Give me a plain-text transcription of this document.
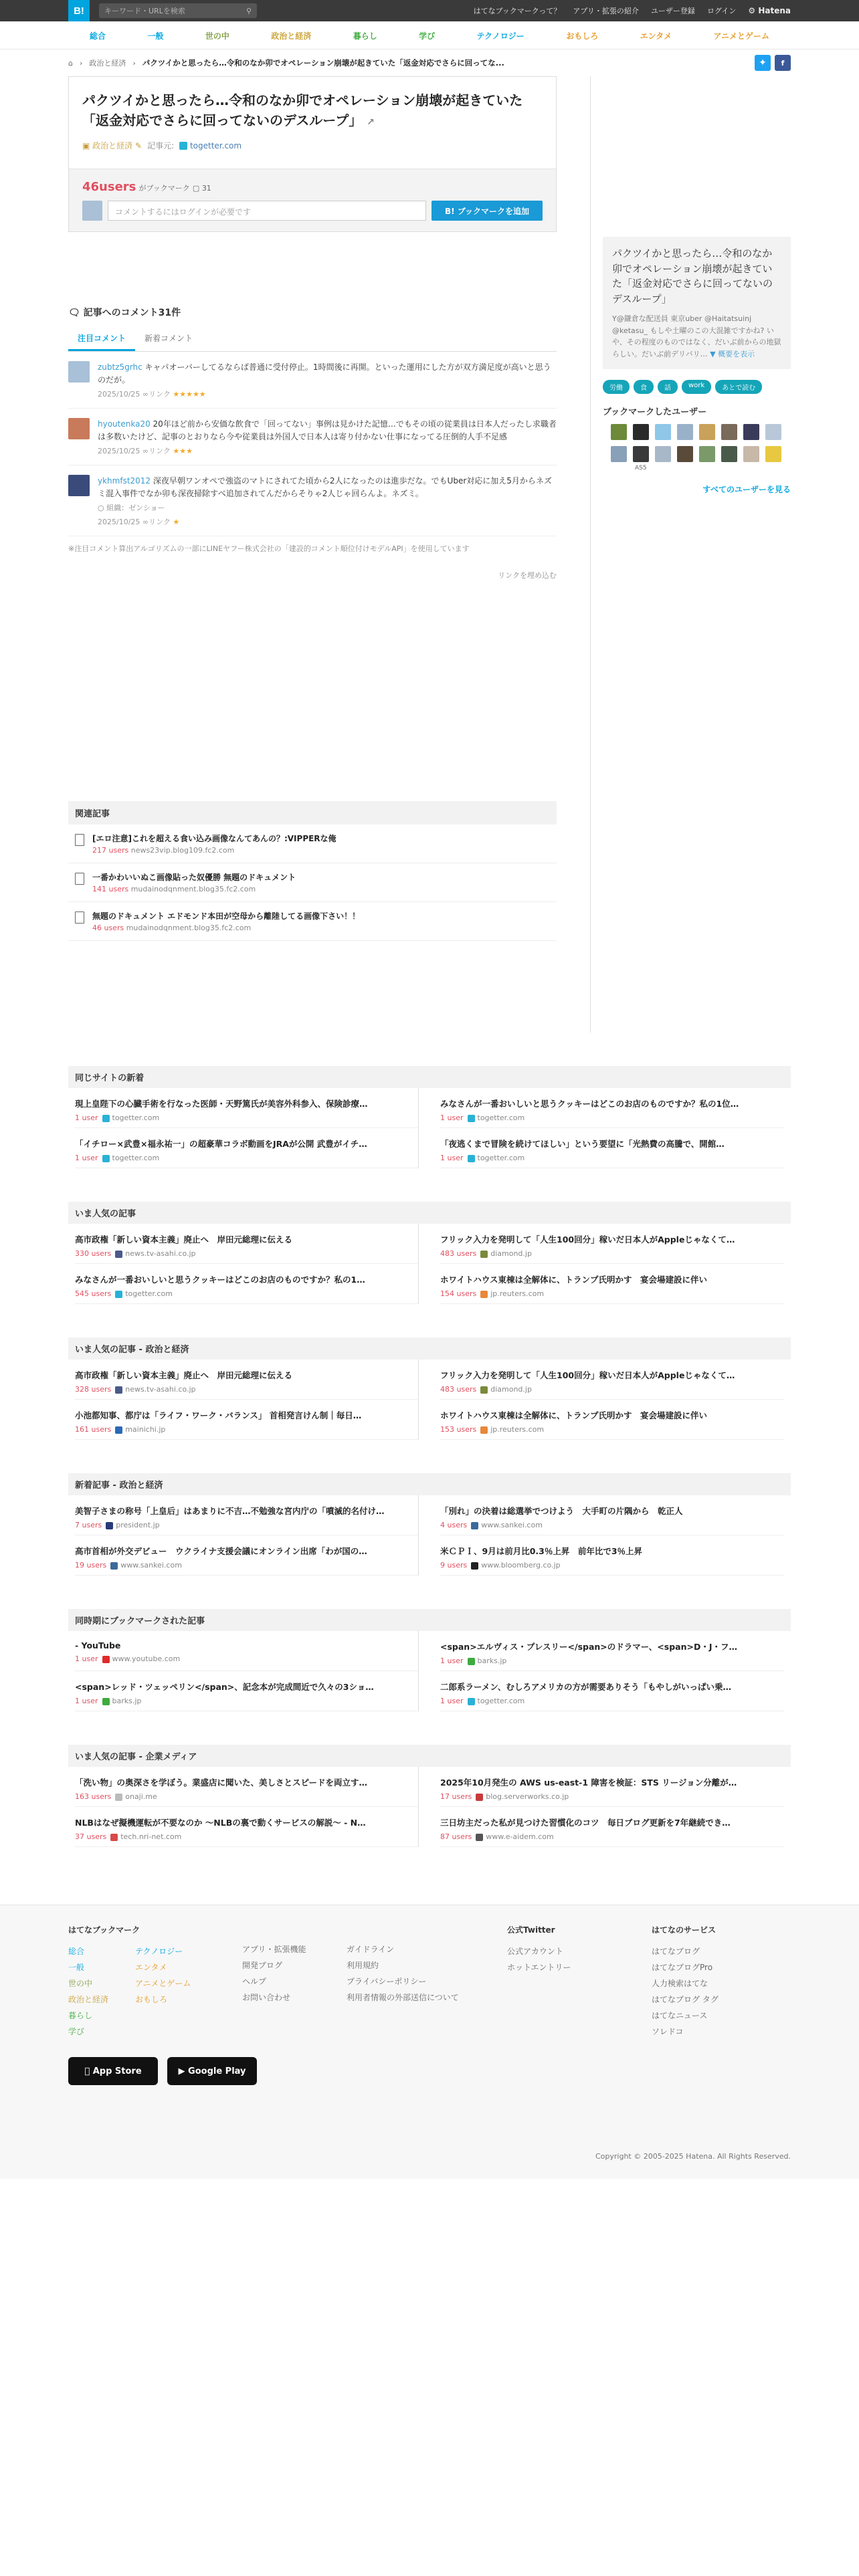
B!	キーワード・URLを検索	⚲	はてなブックマークって？ アプリ・拡張の紹介 ユーザー登録 ログイン ⚙ Hatena
総合	一般	世の中	政治と経済	暮らし	学び	テクノロジー	おもしろ	エンタメ	アニメとゲーム
⌂ › 政治と経済 › パクツイかと思ったら…令和のなか卯でオペレーション崩壊が起きていた「返金対応でさらに回ってな...	✦	f
パクツイかと思ったら…令和のなか卯でオペレーション崩壊が起きていた「返金対応でさらに回ってないのデスループ」 ↗
▣ 政治と経済 ✎ 記事元:	togetter.com
46users がブックマーク ▢ 31
コメントするにはログインが必要です	B! ブックマークを追加
🗨 記事へのコメント31件
注目コメント	新着コメント
zubtz5grhc キャパオーバーしてるならば普通に受付停止。1時間後に再開。といった運用にした方が双方満足度が高いと思うのだが。
2025/10/25 ∞リンク ★★★★★
hyoutenka20 20年ほど前から安価な飲食で「回ってない」事例は見かけた記憶…でもその頃の従業員は日本人だったし求職者は多数いたけど、記事のとおりなら今や従業員は外国人で日本人は寄り付かない仕事になってる圧倒的人手不足感
2025/10/25 ∞リンク ★★★
ykhmfst2012 深夜早朝ワンオペで強盗のマトにされてた頃から2人になったのは進歩だな。でもUber対応に加え5月からネズミ混入事件でなか卯も深夜掃除すべ追加されてんだからそりゃ2人じゃ回らんよ。ネズミ。
○ 組織：ゼンショー
2025/10/25 ∞リンク ★
※注目コメント算出アルゴリズムの一部にLINEヤフー株式会社の「建設的コメント順位付けモデルAPI」を使用しています
リンクを埋め込む
関連記事
[エロ注意]これを超える食い込み画像なんてあんの？:VIPPERな俺
217 users news23vip.blog109.fc2.com
一番かわいいぬこ画像貼った奴優勝 無題のドキュメント
141 users mudainodqnment.blog35.fc2.com
無題のドキュメント エドモンド本田が空母から離陸してる画像下さい！！
46 users mudainodqnment.blog35.fc2.com
パクツイかと思ったら…令和のなか卯でオペレーション崩壊が起きていた「返金対応でさらに回ってないのデスループ」
Y@鎌倉な配送員 東京uber @Haitatsuinj @ketasu_ もしや土曜のこの大混雑ですかね? いや、その程度のものではなく、だいぶ前からの地獄らしい。だいぶ前デリバリ… ▼ 概要を表示
労働	食	話	work	あとで読む
ブックマークしたユーザー
AS5
すべてのユーザーを見る
同じサイトの新着
現上皇陛下の心臓手術を行なった医師・天野篤氏が美容外科参入、保険診療…
1 user togetter.com
みなさんが一番おいしいと思うクッキーはどこのお店のものですか？私の1位…
1 user togetter.com
「イチロー×武豊×福永祐一」の超豪華コラボ動画をJRAが公開 武豊がイチ…
1 user togetter.com
「夜逃くまで冒険を続けてほしい」という要望に「光熱費の高騰で、開館…
1 user togetter.com
いま人気の記事
高市政権「新しい資本主義」廃止へ　岸田元総理に伝える
330 users news.tv-asahi.co.jp
フリック入力を発明して「人生100回分」稼いだ日本人がAppleじゃなくて…
483 users diamond.jp
みなさんが一番おいしいと思うクッキーはどこのお店のものですか？私の1…
545 users togetter.com
ホワイトハウス東棟は全解体に、トランプ氏明かす　宴会場建設に伴い
154 users jp.reuters.com
いま人気の記事 - 政治と経済
高市政権「新しい資本主義」廃止へ　岸田元総理に伝える
328 users news.tv-asahi.co.jp
フリック入力を発明して「人生100回分」稼いだ日本人がAppleじゃなくて…
483 users diamond.jp
小池都知事、都庁は「ライフ・ワーク・バランス」 首相発言けん制｜毎日…
161 users mainichi.jp
ホワイトハウス東棟は全解体に、トランプ氏明かす　宴会場建設に伴い
153 users jp.reuters.com
新着記事 - 政治と経済
美智子さまの称号「上皇后」はあまりに不吉…不勉強な宮内庁の「噴滅的名付け…
7 users president.jp
「別れ」の決着は総選挙でつけよう　大手町の片隅から　乾正人
4 users www.sankei.com
高市首相が外交デビュー　ウクライナ支援会議にオンライン出席「わが国の…
19 users www.sankei.com
米ＣＰＩ、9月は前月比0.3％上昇　前年比で3％上昇
9 users www.bloomberg.co.jp
同時期にブックマークされた記事
- YouTube
1 user www.youtube.com
<span>エルヴィス・プレスリー</span>のドラマー、<span>D・J・フ…
1 user barks.jp
<span>レッド・ツェッペリン</span>、記念本が完成間近で久々の3ショ…
1 user barks.jp
二郎系ラーメン、むしろアメリカの方が需要ありそう「もやしがいっぱい乗…
1 user togetter.com
いま人気の記事 - 企業メディア
「洗い物」の奥深さを学ぼう。業盛店に聞いた、美しさとスピードを両立す…
163 users onaji.me
2025年10月発生の AWS us-east-1 障害を検証：STS リージョン分離が…
17 users blog.serverworks.co.jp
NLBはなぜ擬機運転が不要なのか ～NLBの裏で動くサービスの解説～ - N…
37 users tech.nri-net.com
三日坊主だった私が見つけた習慣化のコツ　毎日ブログ更新を7年継続でき…
87 users www.e-aidem.com
はてなブックマーク
総合
一般
世の中
政治と経済
暮らし
学び
テクノロジー
エンタメ
アニメとゲーム
おもしろ
アプリ・拡張機能
開発ブログ
ヘルプ
お問い合わせ
ガイドライン
利用規約
プライバシーポリシー
利用者情報の外部送信について
公式Twitter
公式アカウント
ホットエントリー
はてなのサービス
はてなブログ
はてなブログPro
人力検索はてな
はてなブログ タグ
はてなニュース
ソレドコ

App Store	▶
Google Play
Copyright © 2005-2025 Hatena. All Rights Reserved.
